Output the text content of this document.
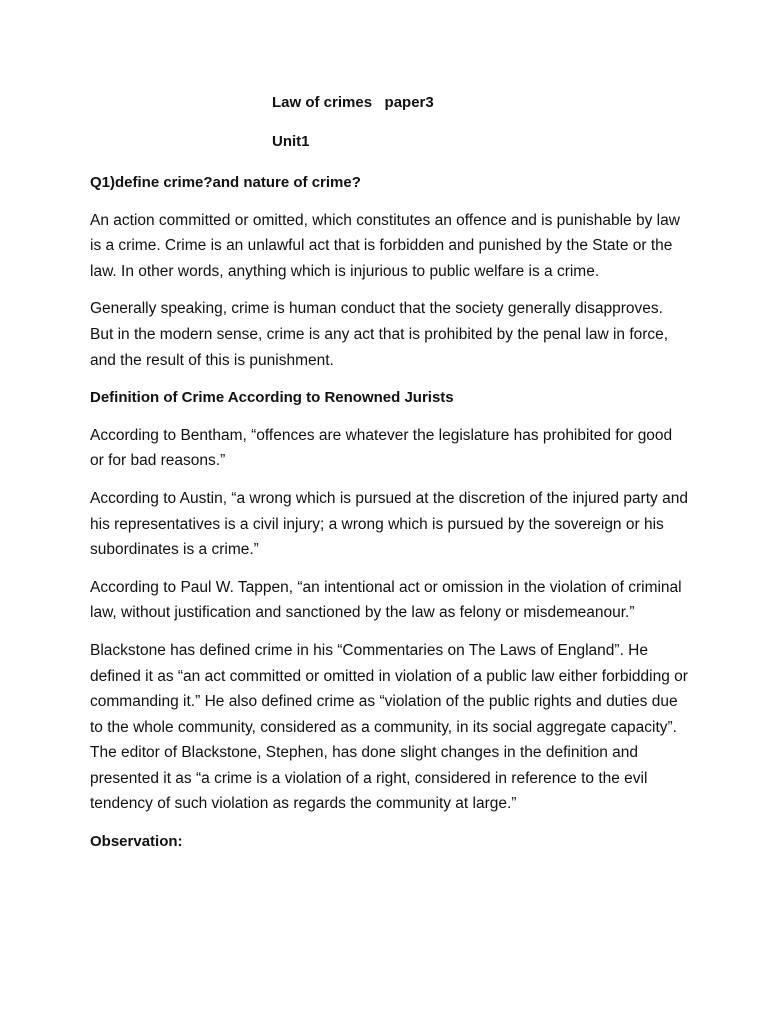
Law of crimes   paper3
Unit1
Q1)define crime?and nature of crime?

An action committed or omitted, which constitutes an offence and is punishable by law is a crime. Crime is an unlawful act that is forbidden and punished by the State or the law. In other words, anything which is injurious to public welfare is a crime.

Generally speaking, crime is human conduct that the society generally disapproves. But in the modern sense, crime is any act that is prohibited by the penal law in force, and the result of this is punishment.

Definition of Crime According to Renowned Jurists

According to Bentham, “offences are whatever the legislature has prohibited for good or for bad reasons.”

According to Austin, “a wrong which is pursued at the discretion of the injured party and his representatives is a civil injury; a wrong which is pursued by the sovereign or his subordinates is a crime.”

According to Paul W. Tappen, “an intentional act or omission in the violation of criminal law, without justification and sanctioned by the law as felony or misdemeanour.”

Blackstone has defined crime in his “Commentaries on The Laws of England”. He defined it as “an act committed or omitted in violation of a public law either forbidding or commanding it.” He also defined crime as “violation of the public rights and duties due to the whole community, considered as a community, in its social aggregate capacity”. The editor of Blackstone, Stephen, has done slight changes in the definition and presented it as “a crime is a violation of a right, considered in reference to the evil tendency of such violation as regards the community at large.”

Observation:
